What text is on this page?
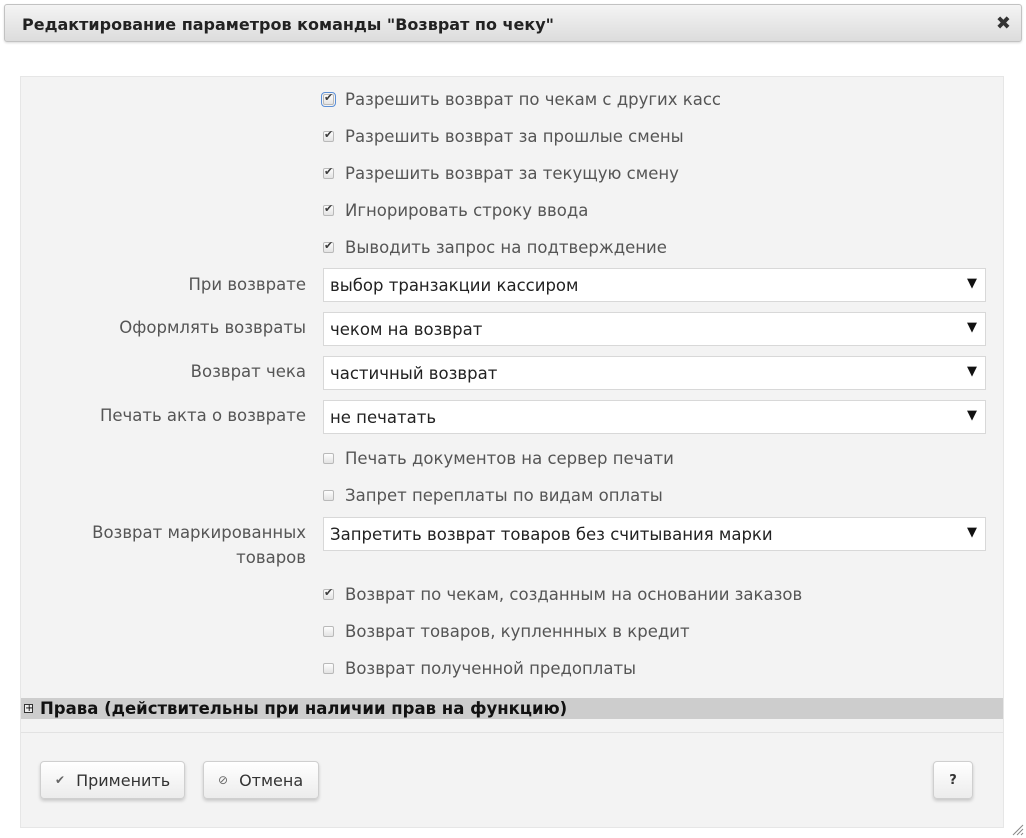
Редактирование параметров команды "Возврат по чеку"	✖
✔
Разрешить возврат по чекам с других касс
✔
Разрешить возврат за прошлые смены
✔
Разрешить возврат за текущую смену
✔
Игнорировать строку ввода
✔
Выводить запрос на подтверждение
При возврате выбор транзакции кассиром	▼
Оформлять возвраты чеком на возврат	▼
Возврат чека частичный возврат	▼
Печать акта о возврате не печатать	▼
Печать документов на сервер печати
Запрет переплаты по видам оплаты
Возврат маркированных
товаров
Запретить возврат товаров без считывания марки	▼
✔
Возврат по чекам, созданным на основании заказов
Возврат товаров, купленнных в кредит
Возврат полученной предоплаты
+ Права (действительны при наличии прав на функцию)
✔ Применить	⊘ Отмена	?
